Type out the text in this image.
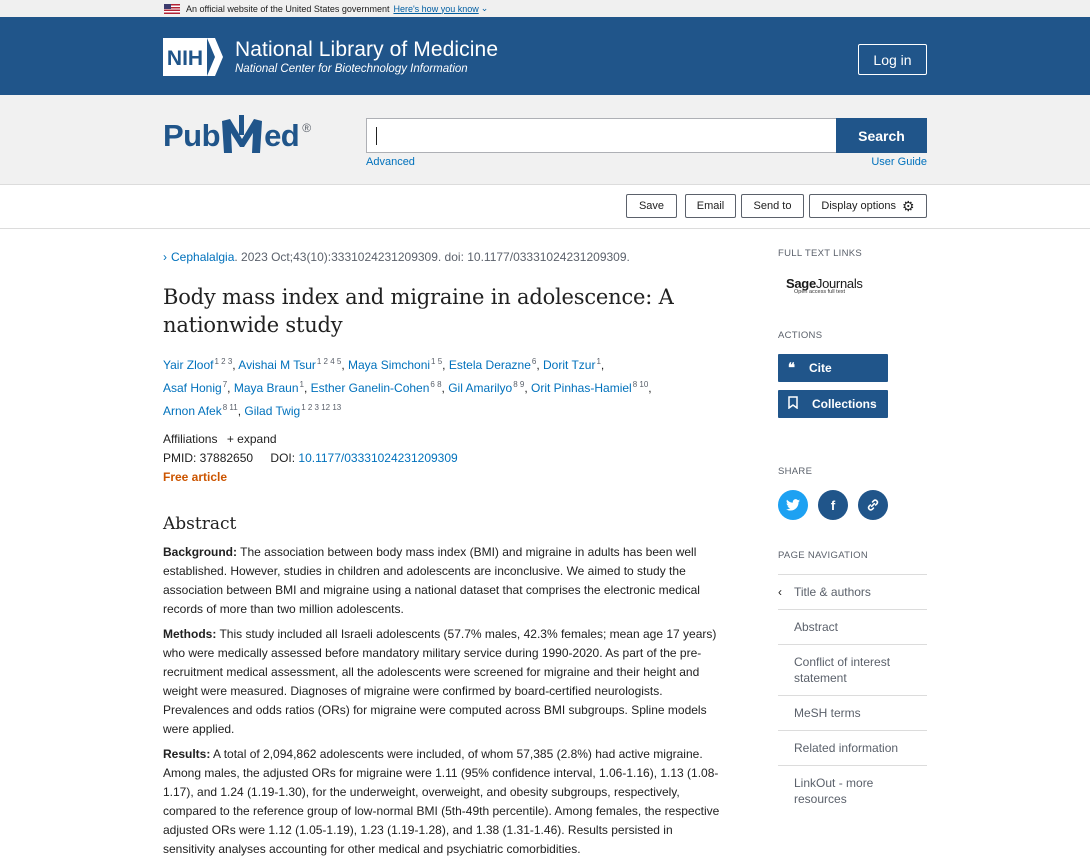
An official website of the United States government Here's how you know ⌄
NIH National Library of Medicine
National Center for Biotechnology Information
Log in
Pub ed ®	Search
Advanced	User Guide
Save	Email	Send to	Display options ⚙
› Cephalalgia. 2023 Oct;43(10):3331024231209309. doi: 10.1177/03331024231209309.
Body mass index and migraine in adolescence: A nationwide study
Yair Zloof$^{1 2 3}$, Avishai M Tsur$^{1 2 4 5}$, Maya Simchoni$^{1 5}$, Estela Derazne$^6$, Dorit Tzur$^1$,
Asaf Honig$^7$, Maya Braun$^1$, Esther Ganelin-Cohen$^{6 8}$, Gil Amarilyo$^{8 9}$, Orit Pinhas-Hamiel$^{8 10}$,
Arnon Afek$^{8 11}$, Gilad Twig$^{1 2 3 12 13}$
Affiliations + expand
PMID: 37882650 DOI: 10.1177/03331024231209309
Free article
Abstract

Background: The association between body mass index (BMI) and migraine in adults has been well established. However, studies in children and adolescents are inconclusive. We aimed to study the association between BMI and migraine using a national dataset that comprises the electronic medical records of more than two million adolescents.

Methods: This study included all Israeli adolescents (57.7% males, 42.3% females; mean age 17 years) who were medically assessed before mandatory military service during 1990-2020. As part of the pre-recruitment medical assessment, all the adolescents were screened for migraine and their height and weight were measured. Diagnoses of migraine were confirmed by board-certified neurologists. Prevalences and odds ratios (ORs) for migraine were computed across BMI subgroups. Spline models were applied.

Results: A total of 2,094,862 adolescents were included, of whom 57,385 (2.8%) had active migraine. Among males, the adjusted ORs for migraine were 1.11 (95% confidence interval, 1.06-1.16), 1.13 (1.08-1.17), and 1.24 (1.19-1.30), for the underweight, overweight, and obesity subgroups, respectively, compared to the reference group of low-normal BMI (5th-49th percentile). Among females, the respective adjusted ORs were 1.12 (1.05-1.19), 1.23 (1.19-1.28), and 1.38 (1.31-1.46). Results persisted in sensitivity analyses accounting for other medical and psychiatric comorbidities.

FULL TEXT LINKS
SageJournals
Open access full text
ACTIONS
❝ Cite
Collections
SHARE
f
PAGE NAVIGATION
‹ Title & authors
Abstract
Conflict of interest statement
MeSH terms
Related information
LinkOut - more resources
